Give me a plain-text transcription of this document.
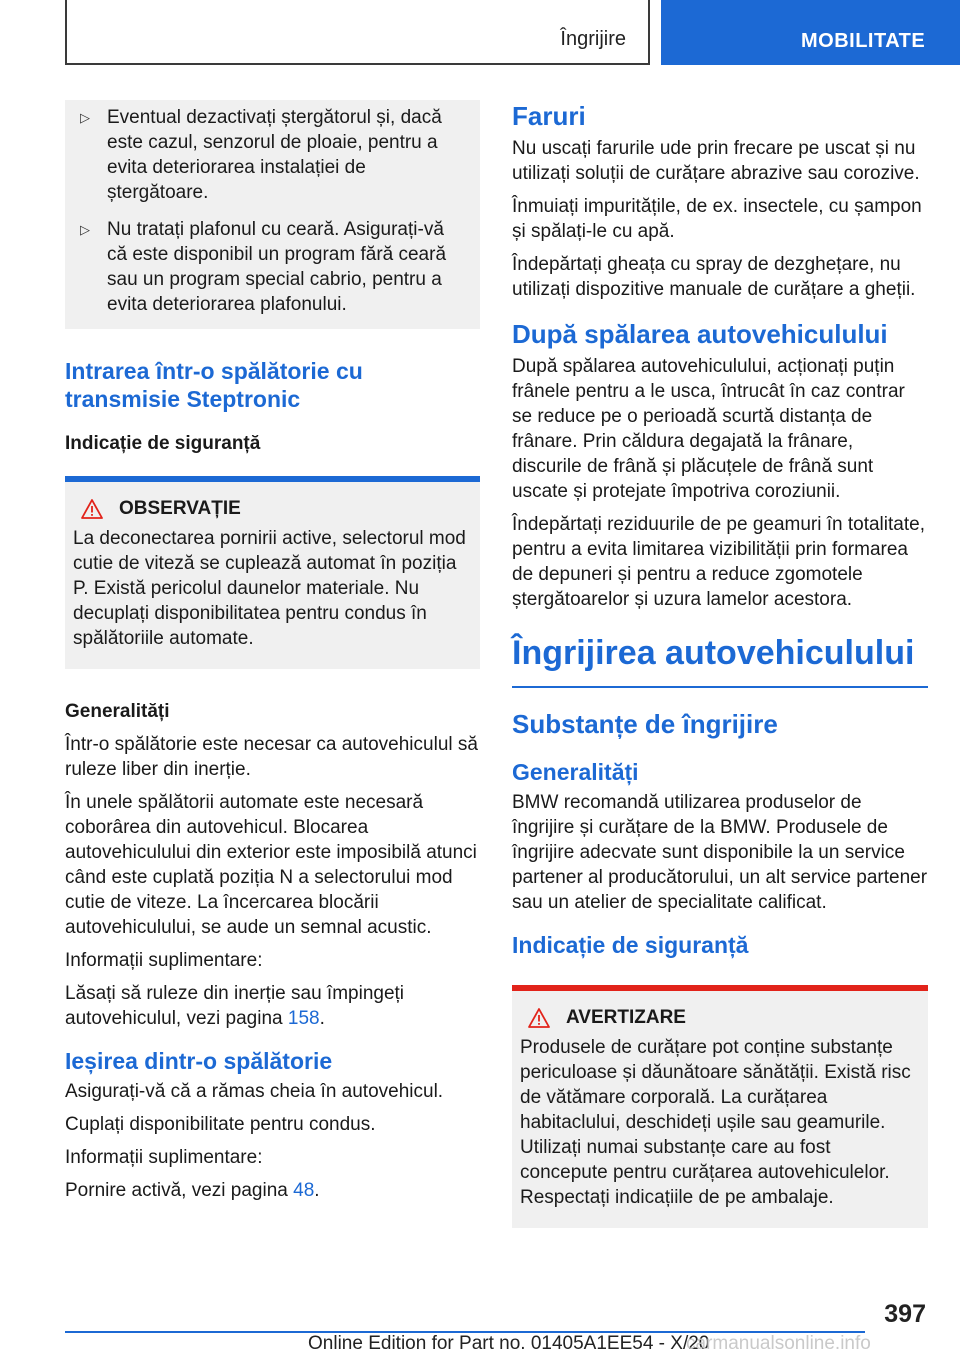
Îngrijire	MOBILITATE
▷ Eventual dezactivați ștergătorul și, dacă este cazul, senzorul de ploaie, pentru a evita deteriorarea instalației de ștergătoare.
▷ Nu tratați plafonul cu ceară. Asigurați-vă că este disponibil un program fără ceară sau un program special cabrio, pentru a evita deteriorarea plafonului.
Intrarea într-o spălătorie cu transmisie Steptronic
Indicație de siguranță
OBSERVAȚIE

La deconectarea pornirii active, selectorul mod cutie de viteză se cuplează automat în poziția P. Există pericolul daunelor materiale. Nu decuplați disponibilitatea pentru condus în spălătoriile automate.

Generalități

Într-o spălătorie este necesar ca autovehiculul să ruleze liber din inerție.

În unele spălătorii automate este necesară coborârea din autovehicul. Blocarea autovehiculului din exterior este imposibilă atunci când este cuplată poziția N a selectorului mod cutie de viteze. La încercarea blocării autovehiculului, se aude un semnal acustic.

Informații suplimentare:

Lăsați să ruleze din inerție sau împingeți autovehiculul, vezi pagina 158.

Ieșirea dintr-o spălătorie

Asigurați-vă că a rămas cheia în autovehicul.

Cuplați disponibilitate pentru condus.

Informații suplimentare:

Pornire activă, vezi pagina 48.

Faruri

Nu uscați farurile ude prin frecare pe uscat și nu utilizați soluții de curățare abrazive sau corozive.

Înmuiați impuritățile, de ex. insectele, cu șampon și spălați-le cu apă.

Îndepărtați gheața cu spray de dezghețare, nu utilizați dispozitive manuale de curățare a gheții.

După spălarea autovehiculului

După spălarea autovehiculului, acționați puțin frânele pentru a le usca, întrucât în caz contrar se reduce pe o perioadă scurtă distanța de frânare. Prin căldura degajată la frânare, discurile de frână și plăcuțele de frână sunt uscate și protejate împotriva coroziunii.

Îndepărtați reziduurile de pe geamuri în totalitate, pentru a evita limitarea vizibilității prin formarea de depuneri și pentru a reduce zgomotele ștergătoarelor și uzura lamelor acestora.

Îngrijirea autovehiculului
Substanțe de îngrijire
Generalități

BMW recomandă utilizarea produselor de îngrijire și curățare de la BMW. Produsele de îngrijire adecvate sunt disponibile la un service partener al producătorului, un alt service partener sau un atelier de specialitate calificat.

Indicație de siguranță
AVERTIZARE

Produsele de curățare pot conține substanțe periculoase și dăunătoare sănătății. Există risc de vătămare corporală. La curățarea habitaclului, deschideți ușile sau geamurile. Utilizați numai substanțe care au fost concepute pentru curățarea autovehiculelor. Respectați indicațiile de pe ambalaje.

397
Online Edition for Part no. 01405A1EE54 - X/20
carmanualsonline.info
